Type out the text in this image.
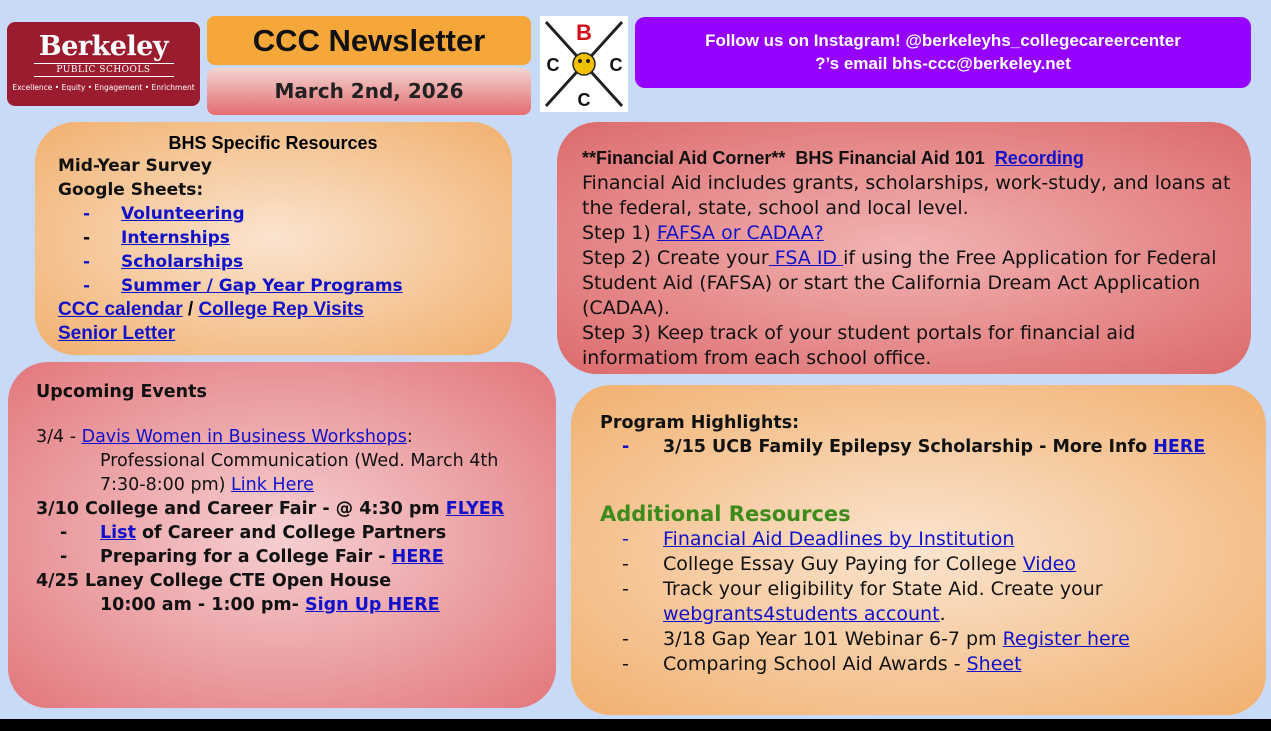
Berkeley
PUBLIC SCHOOLS
Excellence • Equity • Engagement • Enrichment
CCC Newsletter
March 2nd, 2026
B
C	C
C
Follow us on Instagram! @berkeleyhs_collegecareercenter
?’s email bhs-ccc@berkeley.net
BHS Specific Resources
Mid-Year Survey
Google Sheets:
- Volunteering
- Internships
- Scholarships
- Summer / Gap Year Programs
CCC calendar / College Rep Visits
Senior Letter
**Financial Aid Corner** BHS Financial Aid 101 Recording
Financial Aid includes grants, scholarships, work-study, and loans at the federal, state, school and local level.
Step 1) FAFSA or CADAA?
Step 2) Create your FSA ID if using the Free Application for Federal Student Aid (FAFSA) or start the California Dream Act Application (CADAA).
Step 3) Keep track of your student portals for financial aid informatiom from each school office.
Upcoming Events
3/4 - Davis Women in Business Workshops:
Professional Communication (Wed. March 4th 7:30-8:00 pm) Link Here
3/10 College and Career Fair - @ 4:30 pm FLYER
- List of Career and College Partners
- Preparing for a College Fair - HERE
4/25 Laney College CTE Open House
10:00 am - 1:00 pm- Sign Up HERE
Program Highlights:
- 3/15 UCB Family Epilepsy Scholarship - More Info HERE
Additional Resources
- Financial Aid Deadlines by Institution
- College Essay Guy Paying for College Video
- Track your eligibility for State Aid. Create your webgrants4students account.
- 3/18 Gap Year 101 Webinar 6-7 pm Register here
- Comparing School Aid Awards - Sheet
